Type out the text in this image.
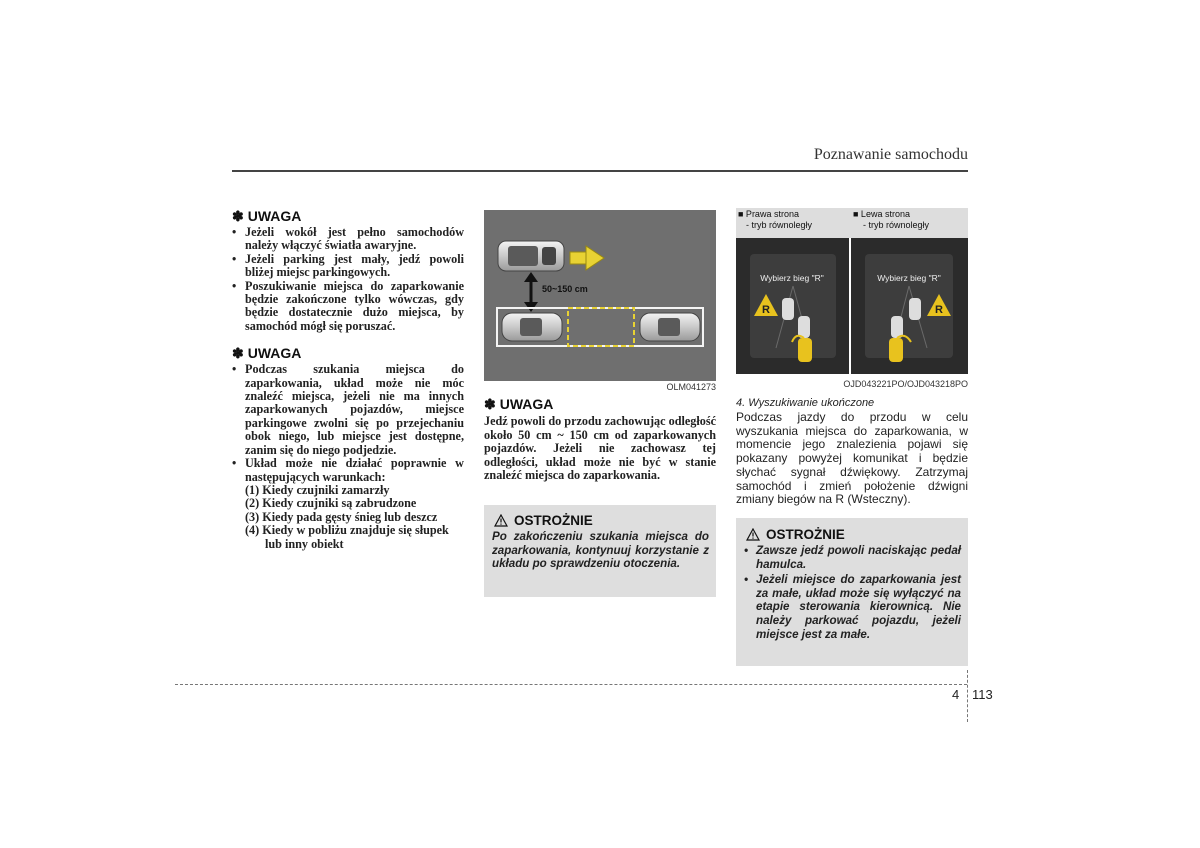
Poznawanie samochodu
✽ UWAGA
• Jeżeli wokół jest pełno samochodów należy włączyć światła awaryjne.
• Jeżeli parking jest mały, jedź powoli bliżej miejsc parkingowych.
• Poszukiwanie miejsca do zaparkowanie będzie zakończone tylko wówczas, gdy będzie dostatecznie dużo miejsca, by samochód mógł się poruszać.
✽ UWAGA
• Podczas szukania miejsca do zaparkowania, układ może nie móc znaleźć miejsca, jeżeli nie ma innych zaparkowanych pojazdów, miejsce parkingowe zwolni się po przejechaniu obok niego, lub miejsce jest dostępne, zanim się do niego podjedzie.
• Układ może nie działać poprawnie w następujących warunkach:
(1) Kiedy czujniki zamarzły
(2) Kiedy czujniki są zabrudzone
(3) Kiedy pada gęsty śnieg lub deszcz
(4) Kiedy w pobliżu znajduje się słupek lub inny obiekt
50~150 cm
OLM041273
✽ UWAGA
Jedź powoli do przodu zachowując odległość około 50 cm ~ 150 cm od zaparkowanych pojazdów. Jeżeli nie zachowasz tej odległości, układ może nie być w stanie znaleźć miejsca do zaparkowania.
OSTROŻNIE
Po zakończeniu szukania miejsca do zaparkowania, kontynuuj korzystanie z układu po sprawdzeniu otoczenia.
■ Prawa strona
- tryb równoległy
■ Lewa strona
- tryb równoległy
R
Wybierz bieg "R"
R
Wybierz bieg "R"
OJD043221PO/OJD043218PO
4. Wyszukiwanie ukończone
Podczas jazdy do przodu w celu wyszukania miejsca do zaparkowania, w momencie jego znalezienia pojawi się pokazany powyżej komunikat i będzie słychać sygnał dźwiękowy. Zatrzymaj samochód i zmień położenie dźwigni zmiany biegów na R (Wsteczny).
OSTROŻNIE
• Zawsze jedź powoli naciskając pedał hamulca.
• Jeżeli miejsce do zaparkowania jest za małe, układ może się wyłączyć na etapie sterowania kierownicą. Nie należy parkować pojazdu, jeżeli miejsce jest za małe.
4 113
